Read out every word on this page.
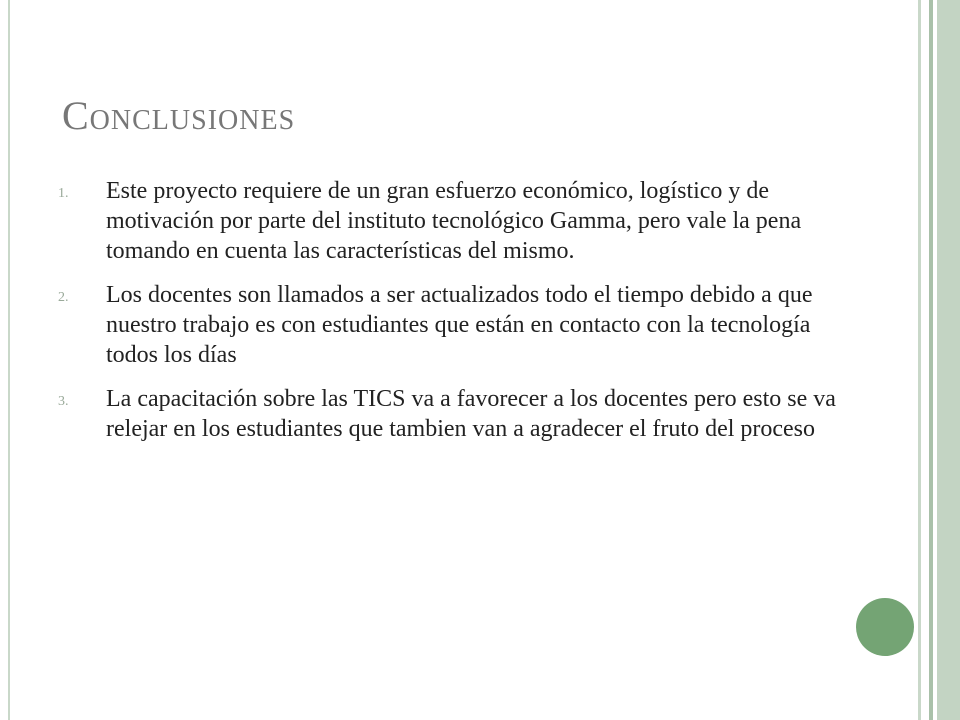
Conclusiones
1. Este proyecto requiere de un gran esfuerzo económico, logístico y de motivación por parte del instituto tecnológico Gamma, pero vale la pena tomando en cuenta las características del mismo.
2. Los docentes son llamados a ser actualizados todo el tiempo debido a que nuestro trabajo es con estudiantes que están en contacto con la tecnología todos los días
3. La capacitación sobre las TICS va a favorecer a los docentes pero esto se va relejar en los estudiantes que tambien van a agradecer el fruto del proceso
